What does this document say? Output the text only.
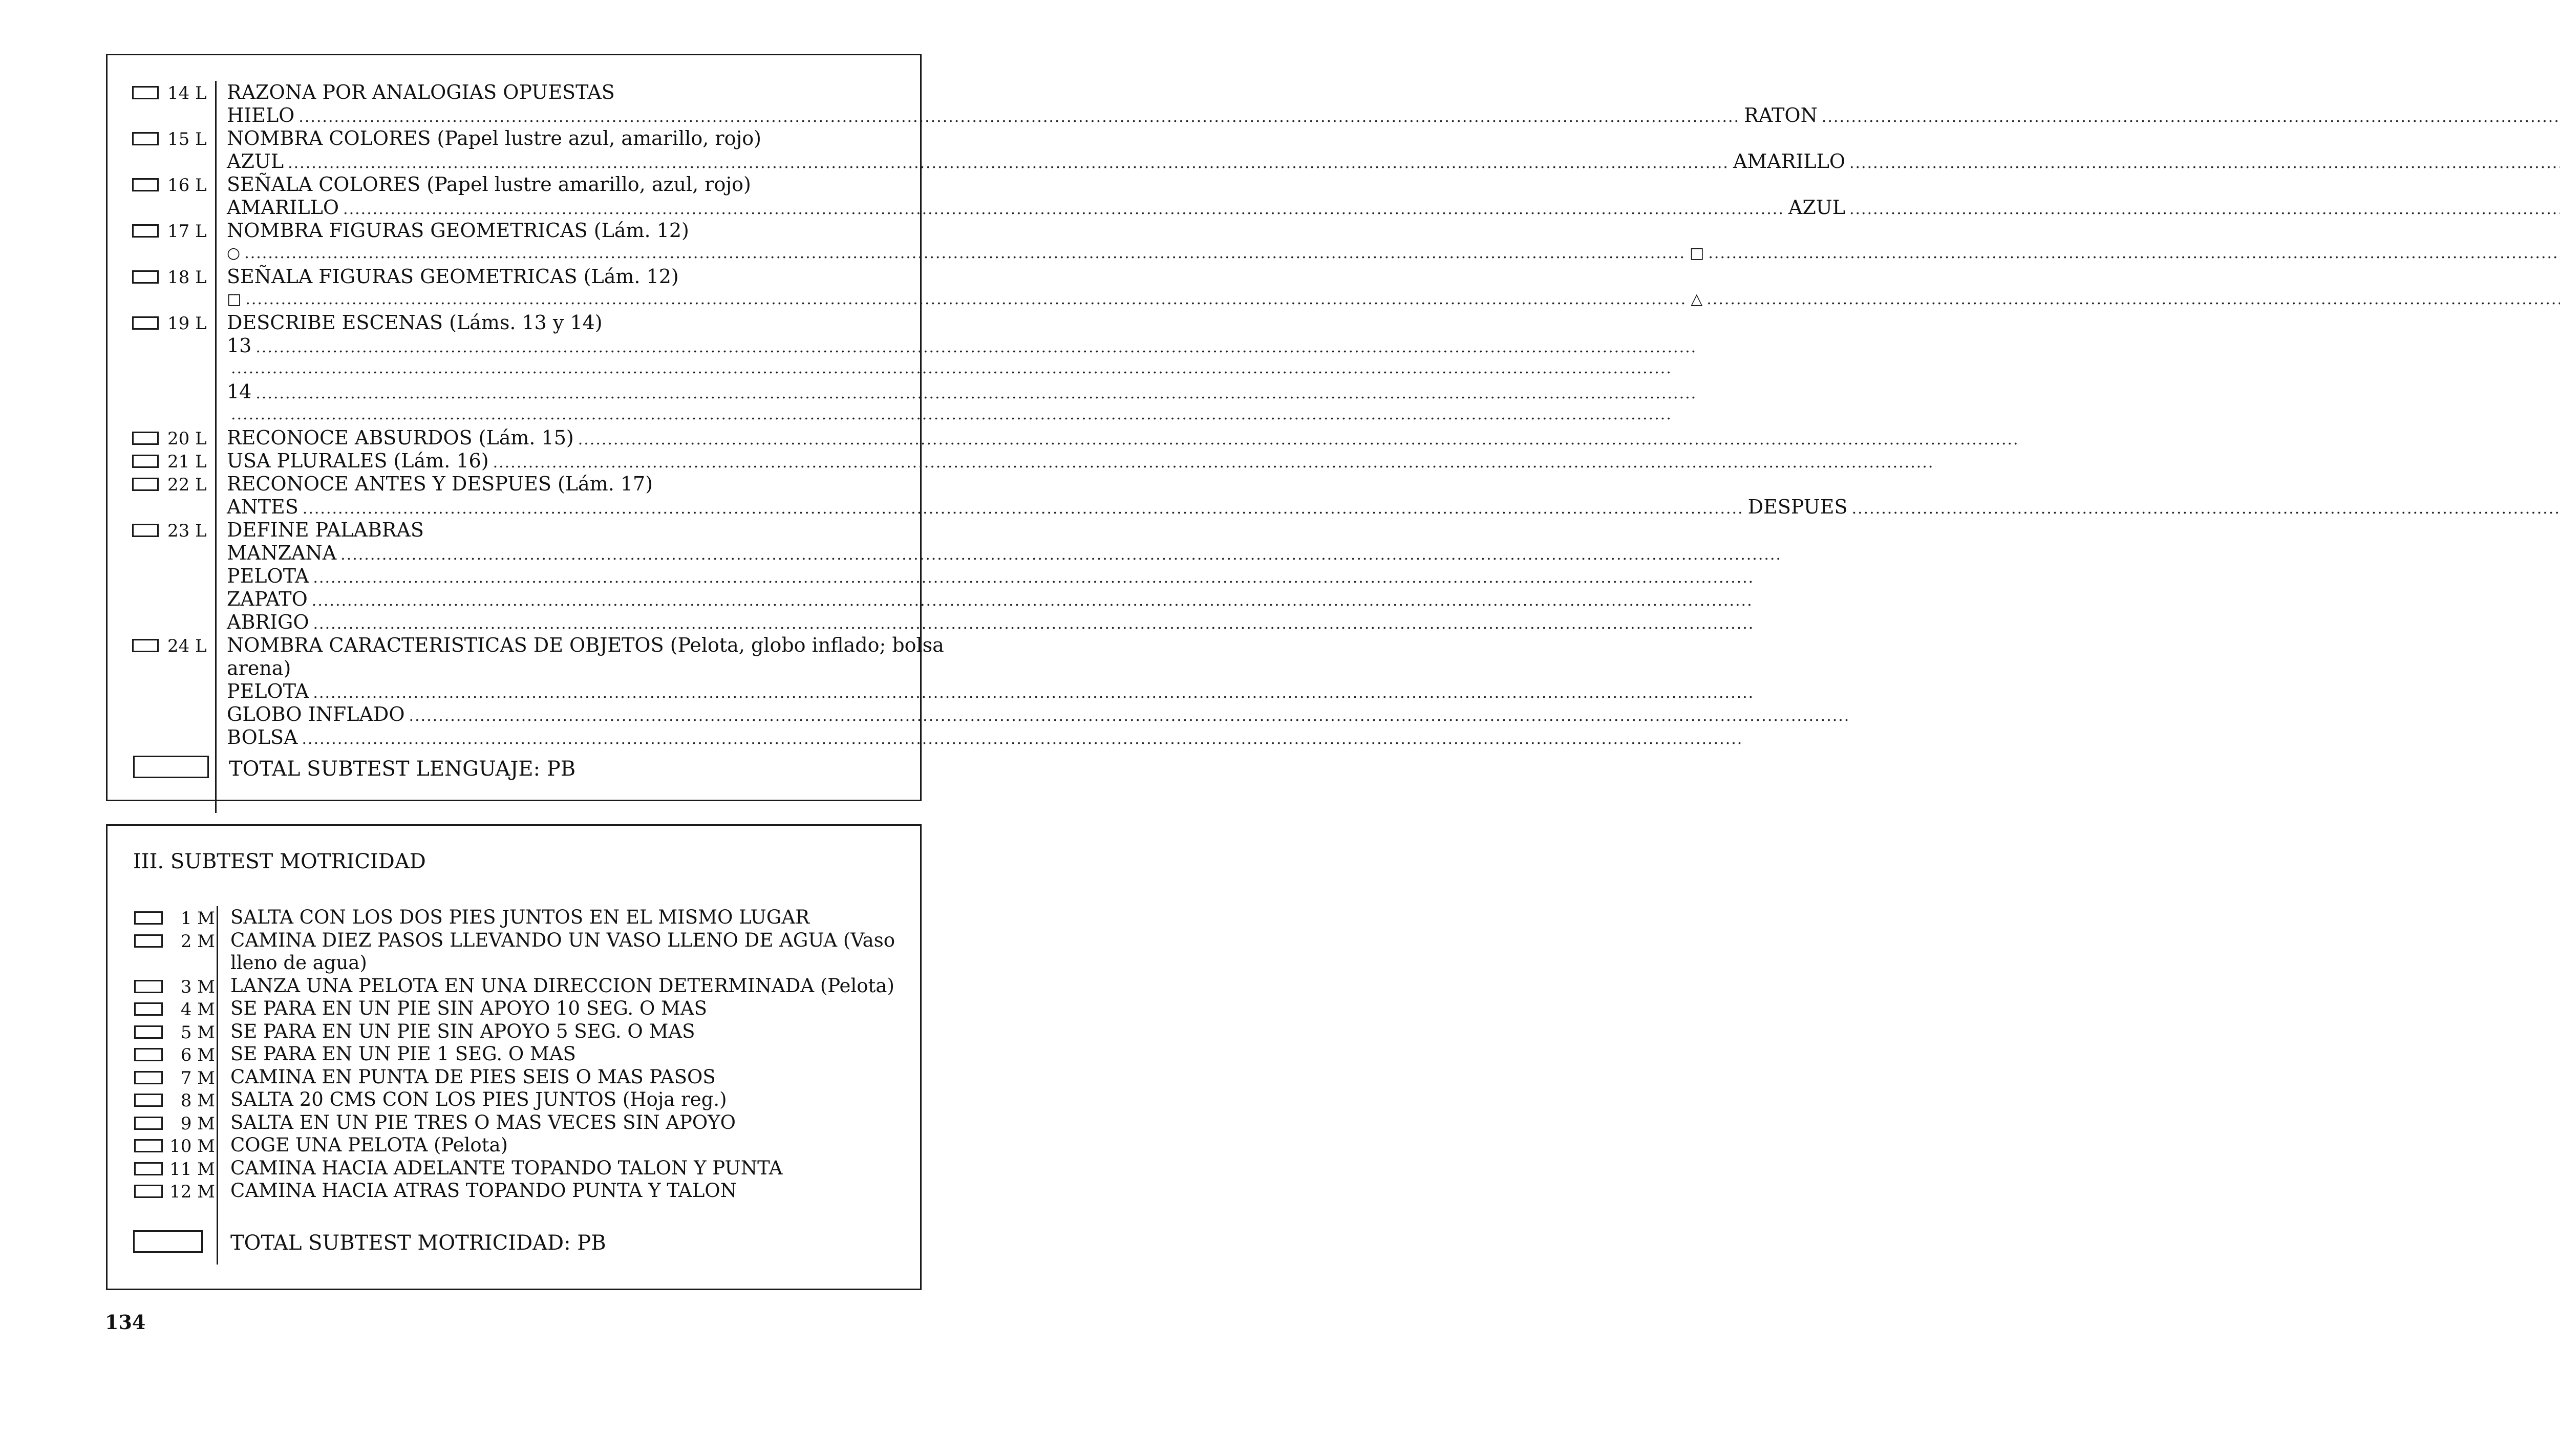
14 L RAZONA POR ANALOGIAS OPUESTAS
HIELO .....	RATON
.....
15 L NOMBRA COLORES (Papel lustre azul, amarillo, rojo)
AZUL .....	AMARILLO
.....
16 L SEÑALA COLORES (Papel lustre amarillo, azul, rojo)
AMARILLO .....	AZUL
.....
17 L NOMBRA FIGURAS GEOMETRICAS (Lám. 12)
○ .....	□
.....
18 L SEÑALA FIGURAS GEOMETRICAS (Lám. 12)
□ .....	△
.....
19 L DESCRIBE ESCENAS (Láms. 13 y 14)
13
.....
.....
14
.....
.....
20 L RECONOCE ABSURDOS (Lám. 15)
.....
21 L USA PLURALES (Lám. 16)
.....
22 L RECONOCE ANTES Y DESPUES (Lám. 17)
ANTES .....	DESPUES
.....
23 L DEFINE PALABRAS
MANZANA
.....
PELOTA
.....
ZAPATO
.....
ABRIGO
.....
24 L NOMBRA CARACTERISTICAS DE OBJETOS (Pelota, globo inflado; bolsa
arena)
PELOTA
.....
GLOBO INFLADO
.....
BOLSA
.....
TOTAL SUBTEST LENGUAJE: PB
III. SUBTEST MOTRICIDAD
1 M SALTA CON LOS DOS PIES JUNTOS EN EL MISMO LUGAR
2 M CAMINA DIEZ PASOS LLEVANDO UN VASO LLENO DE AGUA (Vaso
lleno de agua)
3 M LANZA UNA PELOTA EN UNA DIRECCION DETERMINADA (Pelota)
4 M SE PARA EN UN PIE SIN APOYO 10 SEG. O MAS
5 M SE PARA EN UN PIE SIN APOYO 5 SEG. O MAS
6 M SE PARA EN UN PIE 1 SEG. O MAS
7 M CAMINA EN PUNTA DE PIES SEIS O MAS PASOS
8 M SALTA 20 CMS CON LOS PIES JUNTOS (Hoja reg.)
9 M SALTA EN UN PIE TRES O MAS VECES SIN APOYO
10 M COGE UNA PELOTA (Pelota)
11 M CAMINA HACIA ADELANTE TOPANDO TALON Y PUNTA
12 M CAMINA HACIA ATRAS TOPANDO PUNTA Y TALON
TOTAL SUBTEST MOTRICIDAD: PB
134
